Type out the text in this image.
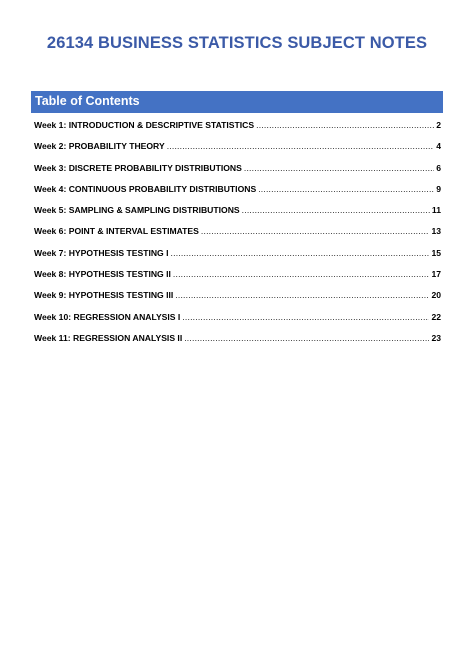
26134 BUSINESS STATISTICS SUBJECT NOTES
Table of Contents
Week 1: INTRODUCTION & DESCRIPTIVE STATISTICS .....	2
Week 2: PROBABILITY THEORY .....	4
Week 3: DISCRETE PROBABILITY DISTRIBUTIONS .....	6
Week 4: CONTINUOUS PROBABILITY DISTRIBUTIONS .....	9
Week 5: SAMPLING & SAMPLING DISTRIBUTIONS .....	11
Week 6: POINT & INTERVAL ESTIMATES .....	13
Week 7: HYPOTHESIS TESTING I .....	15
Week 8: HYPOTHESIS TESTING II .....	17
Week 9: HYPOTHESIS TESTING III .....	20
Week 10: REGRESSION ANALYSIS I .....	22
Week 11: REGRESSION ANALYSIS II .....	23
